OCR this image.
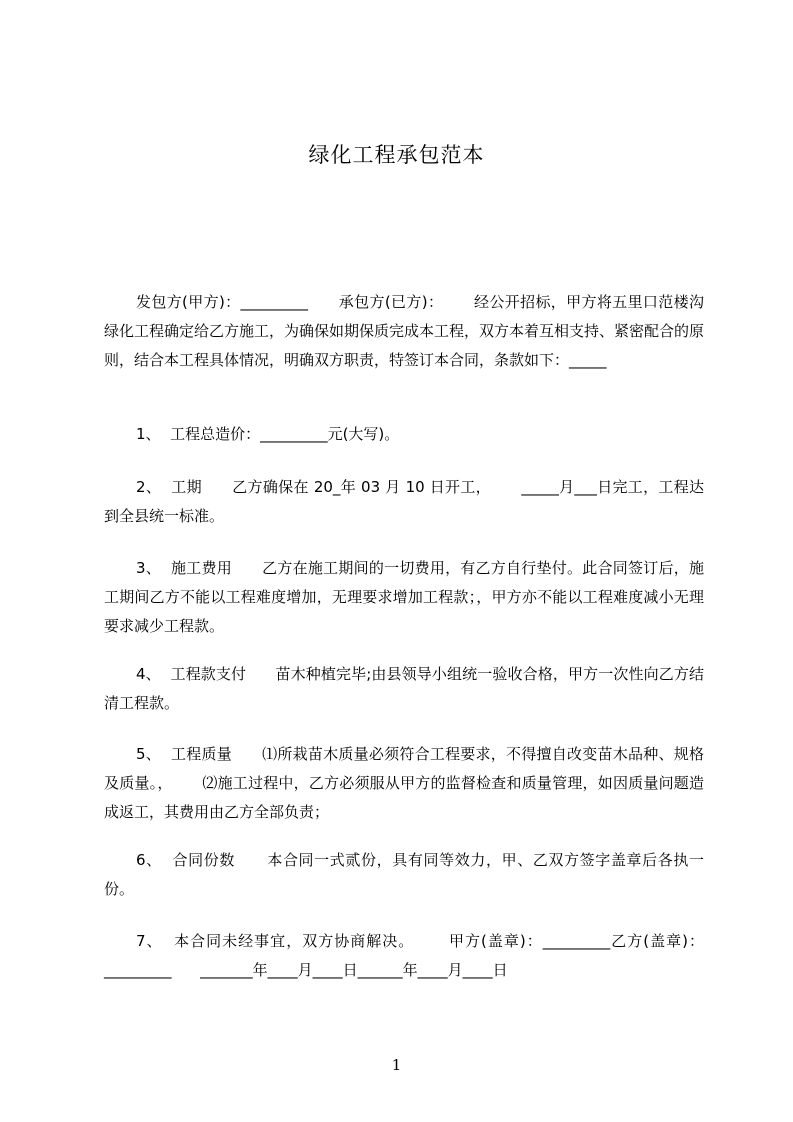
绿化工程承包范本
发包方(甲方)：_________      承包方(已方)：      经公开招标，甲方将五里口范楼沟绿化工程确定给乙方施工，为确保如期保质完成本工程，双方本着互相支持、紧密配合的原则，结合本工程具体情况，明确双方职责，特签订本合同，条款如下：_____
1、  工程总造价：_________元(大写)。
2、  工期      乙方确保在 20_年 03 月 10 日开工，      _____月___日完工，工程达到全县统一标准。
3、  施工费用      乙方在施工期间的一切费用，有乙方自行垫付。此合同签订后，施工期间乙方不能以工程难度增加，无理要求增加工程款；，甲方亦不能以工程难度减小无理要求减少工程款。
4、  工程款支付      苗木种植完毕;由县领导小组统一验收合格，甲方一次性向乙方结清工程款。
5、  工程质量      ⑴所栽苗木质量必须符合工程要求，不得擅自改变苗木品种、规格及质量。，      ⑵施工过程中，乙方必须服从甲方的监督检查和质量管理，如因质量问题造成返工，其费用由乙方全部负责；
6、  合同份数      本合同一式贰份，具有同等效力，甲、乙双方签字盖章后各执一份。
7、  本合同未经事宜，双方协商解决。      甲方(盖章)：_________乙方(盖章)：_________      _______年____月____日______年____月____日
1
